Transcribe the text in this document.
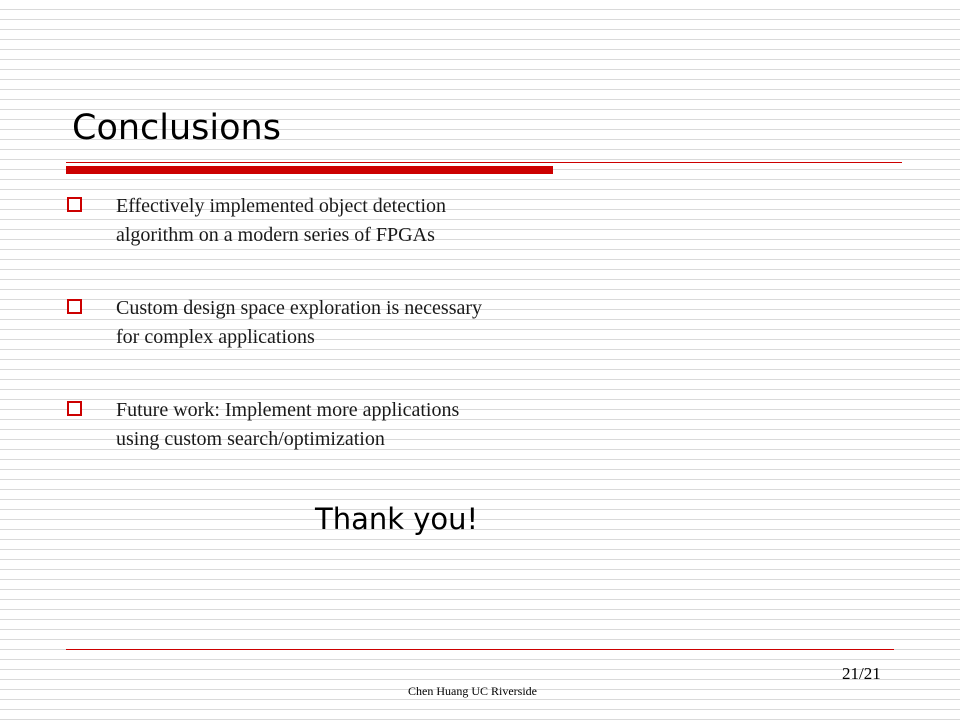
Conclusions
Effectively implemented object detection
algorithm on a modern series of FPGAs
Custom design space exploration is necessary
for complex applications
Future work: Implement more applications
using custom search/optimization
Thank you!
21/21
Chen Huang UC Riverside
